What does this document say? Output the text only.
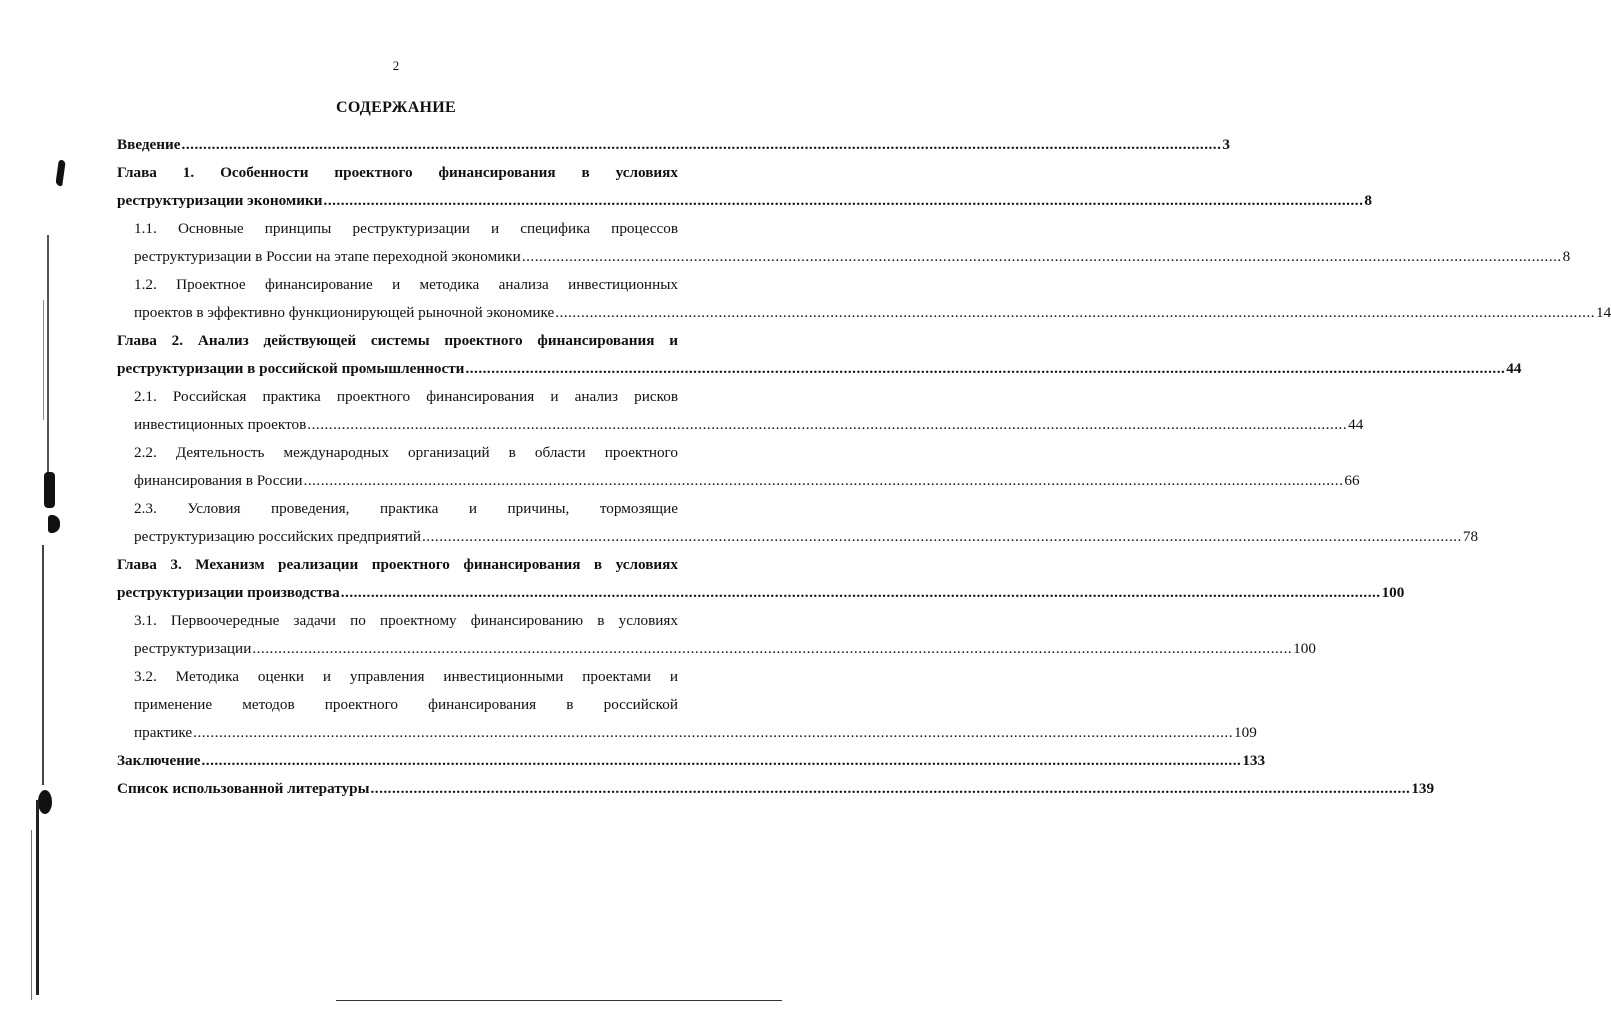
2
СОДЕРЖАНИЕ
Введение .................................................................................................................................................................................................................................................. 3
Глава 1. Особенности проектного финансирования в условиях
реструктуризации экономики .................................................................................................................................................................................................................................................. 8
1.1. Основные принципы реструктуризации и специфика процессов
реструктуризации в России на этапе переходной экономики .................................................................................................................................................................................................................................................. 8
1.2. Проектное финансирование и методика анализа инвестиционных
проектов в эффективно функционирующей рыночной экономике .................................................................................................................................................................................................................................................. 14
Глава 2. Анализ действующей системы проектного финансирования и
реструктуризации в российской промышленности .................................................................................................................................................................................................................................................. 44
2.1. Российская практика проектного финансирования и анализ рисков
инвестиционных проектов .................................................................................................................................................................................................................................................. 44
2.2. Деятельность международных организаций в области проектного
финансирования в России .................................................................................................................................................................................................................................................. 66
2.3. Условия проведения, практика и причины, тормозящие
реструктуризацию российских предприятий .................................................................................................................................................................................................................................................. 78
Глава 3. Механизм реализации проектного финансирования в условиях
реструктуризации производства .................................................................................................................................................................................................................................................. 100
3.1. Первоочередные задачи по проектному финансированию в условиях
реструктуризации .................................................................................................................................................................................................................................................. 100
3.2. Методика оценки и управления инвестиционными проектами и
применение методов проектного финансирования в российской
практике .................................................................................................................................................................................................................................................. 109
Заключение .................................................................................................................................................................................................................................................. 133
Список использованной литературы .................................................................................................................................................................................................................................................. 139
